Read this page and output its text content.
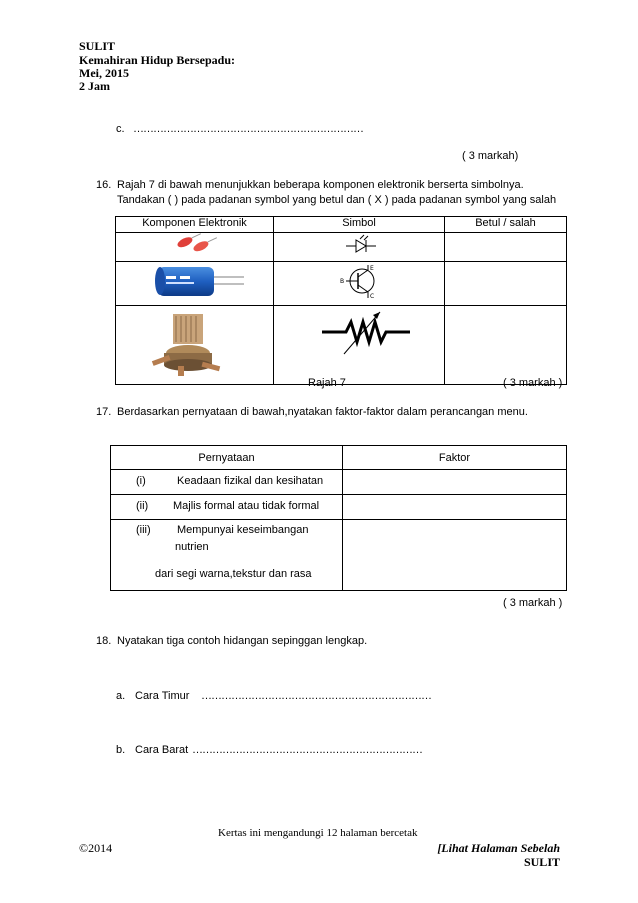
SULIT
Kemahiran Hidup Bersepadu:
Mei, 2015
2 Jam
c. ……………………………………………………………
( 3 markah)
16. Rajah 7 di bawah menunjukkan beberapa komponen elektronik berserta simbolnya.
Tandakan ( ) pada padanan symbol yang betul dan ( X ) pada padanan symbol yang salah
Komponen Elektronik	Simbol	Betul / salah

E
B
C	

Rajah 7	( 3 markah )
17. Berdasarkan pernyataan di bawah,nyatakan faktor-faktor dalam perancangan menu.
Pernyataan	Faktor

(i) Keadaan fizikal dan kesihatan	

(ii) Majlis formal atau tidak formal	

(iii) Mempunyai keseimbangan
nutrien
dari segi warna,tekstur dan rasa	

( 3 markah )
18. Nyatakan tiga contoh hidangan sepinggan lengkap.
a. Cara Timur ……………………………………………………………
b. Cara Barat ……………………………………………………………
Kertas ini mengandungi 12 halaman bercetak
©2014	[Lihat Halaman Sebelah
SULIT
